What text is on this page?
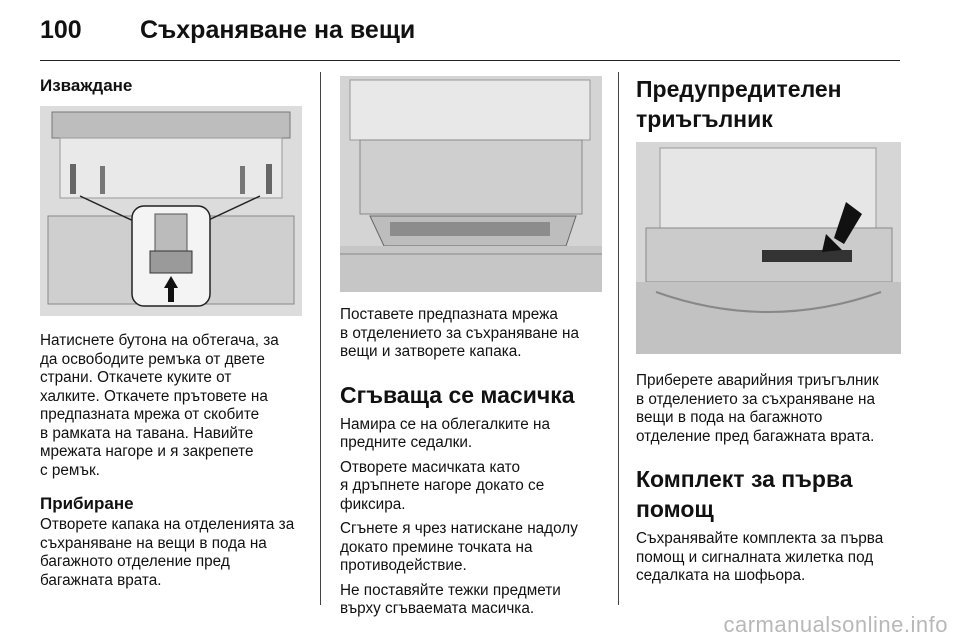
100	Съхраняване на вещи
Изваждане

Натиснете бутона на обтегача, за
да освободите ремъка от двете
страни. Откачете куките от
халките. Откачете прътовете на
предпазната мрежа от скобите
в рамката на тавана. Навийте
мрежата нагоре и я закрепете
с ремък.

Прибиране

Отворете капака на отделенията за
съхраняване на вещи в пода на
багажното отделение пред
багажната врата.

Поставете предпазната мрежа
в отделението за съхраняване на
вещи и затворете капака.

Сгъваща се масичка

Намира се на облегалките на
предните седалки.

Отворете масичката като
я дръпнете нагоре докато се
фиксира.

Сгънете я чрез натискане надолу
докато премине точката на
противодействие.

Не поставяйте тежки предмети
върху сгъваемата масичка.

Предупредителен
триъгълник

Приберете аварийния триъгълник
в отделението за съхраняване на
вещи в пода на багажното
отделение пред багажната врата.

Комплект за първа
помощ

Съхранявайте комплекта за първа
помощ и сигналната жилетка под
седалката на шофьора.

carmanualsonline.info
